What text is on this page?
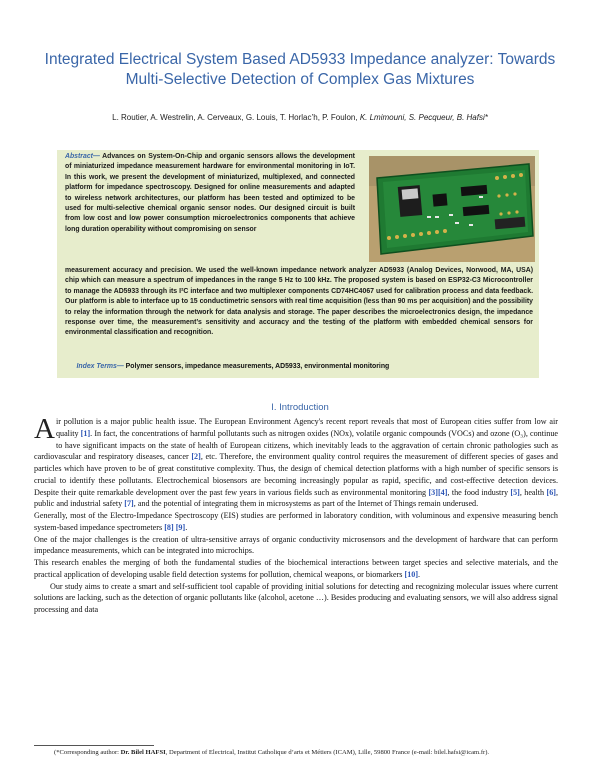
Integrated Electrical System Based AD5933 Impedance analyzer: Towards Multi-Selective Detection of Complex Gas Mixtures
L. Routier, A. Westrelin, A. Cerveaux, G. Louis, T. Horlac’h, P. Foulon, K. Lmimouni, S. Pecqueur, B. Hafsi*
Abstract— Advances on System-On-Chip and organic sensors allows the development of miniaturized impedance measurement hardware for environmental monitoring in IoT. In this work, we present the development of miniaturized, multiplexed, and connected platform for impedance spectroscopy. Designed for online measurements and adapted to wireless network architectures, our platform has been tested and optimized to be used for multi-selective chemical organic sensor nodes. Our designed circuit is built from low cost and low power consumption microelectronics components that achieve long duration operability without compromising on sensor
measurement accuracy and precision. We used the well-known impedance network analyzer AD5933 (Analog Devices, Norwood, MA, USA) chip which can measure a spectrum of impedances in the range 5 Hz to 100 kHz. The proposed system is based on ESP32-C3 Microcontroller to manage the AD5933 through its I²C interface and two multiplexer components CD74HC4067 used for calibration process and data feedback. Our platform is able to interface up to 15 conductimetric sensors with real time acquisition (less than 90 ms per acquisition) and the possibility to relay the information through the network for data analysis and storage. The paper describes the microelectronics design, the impedance response over time, the measurement’s sensitivity and accuracy and the testing of the platform with embedded chemical sensors for environmental classification and recognition.
Index Terms— Polymer sensors, impedance measurements, AD5933, environmental monitoring
I. Introduction

Air pollution is a major public health issue. The European Environment Agency's recent report reveals that most of European cities suffer from low air quality [1]. In fact, the concentrations of harmful pollutants such as nitrogen oxides (NOx), volatile organic compounds (VOCs) and ozone (O₃), continue to have significant impacts on the state of health of European citizens, which inevitably leads to the aggravation of certain chronic pathologies such as cardiovascular and respiratory diseases, cancer [2], etc. Therefore, the environment quality control requires the measurement of different species of gases and particles which have proven to be of great constitutive complexity. Thus, the design of chemical detection platforms with a high number of specific sensors is crucial to identify these pollutants. Electrochemical biosensors are becoming increasingly popular as rapid, specific, and cost-effective detection devices. Despite their quite remarkable development over the past few years in various fields such as environmental monitoring [3][4], the food industry [5], health [6], public and industrial safety [7], and the potential of integrating them in microsystems as part of the Internet of Things remain underused.

Generally, most of the Electro-Impedance Spectroscopy (EIS) studies are performed in laboratory condition, with voluminous and expensive measuring bench system-based impedance spectrometers [8] [9].

One of the major challenges is the creation of ultra-sensitive arrays of organic conductivity microsensors and the development of hardware that can perform impedance measurements, which can be integrated into microchips.

This research enables the merging of both the fundamental studies of the biochemical interactions between target species and selective materials, and the practical application of developing usable field detection systems for pollution, chemical weapons, or biomarkers [10].

Our study aims to create a smart and self-sufficient tool capable of providing initial solutions for detecting and recognizing molecular issues where current solutions are lacking, such as the detection of organic pollutants like (alcohol, acetone …). Besides producing and evaluating sensors, we will also address signal processing and data

(*Corresponding author: Dr. Bilel HAFSI, Department of Electrical, Institut Catholique d’arts et Métiers (ICAM), Lille, 59800 France (e-mail: bilel.hafsi@icam.fr).
